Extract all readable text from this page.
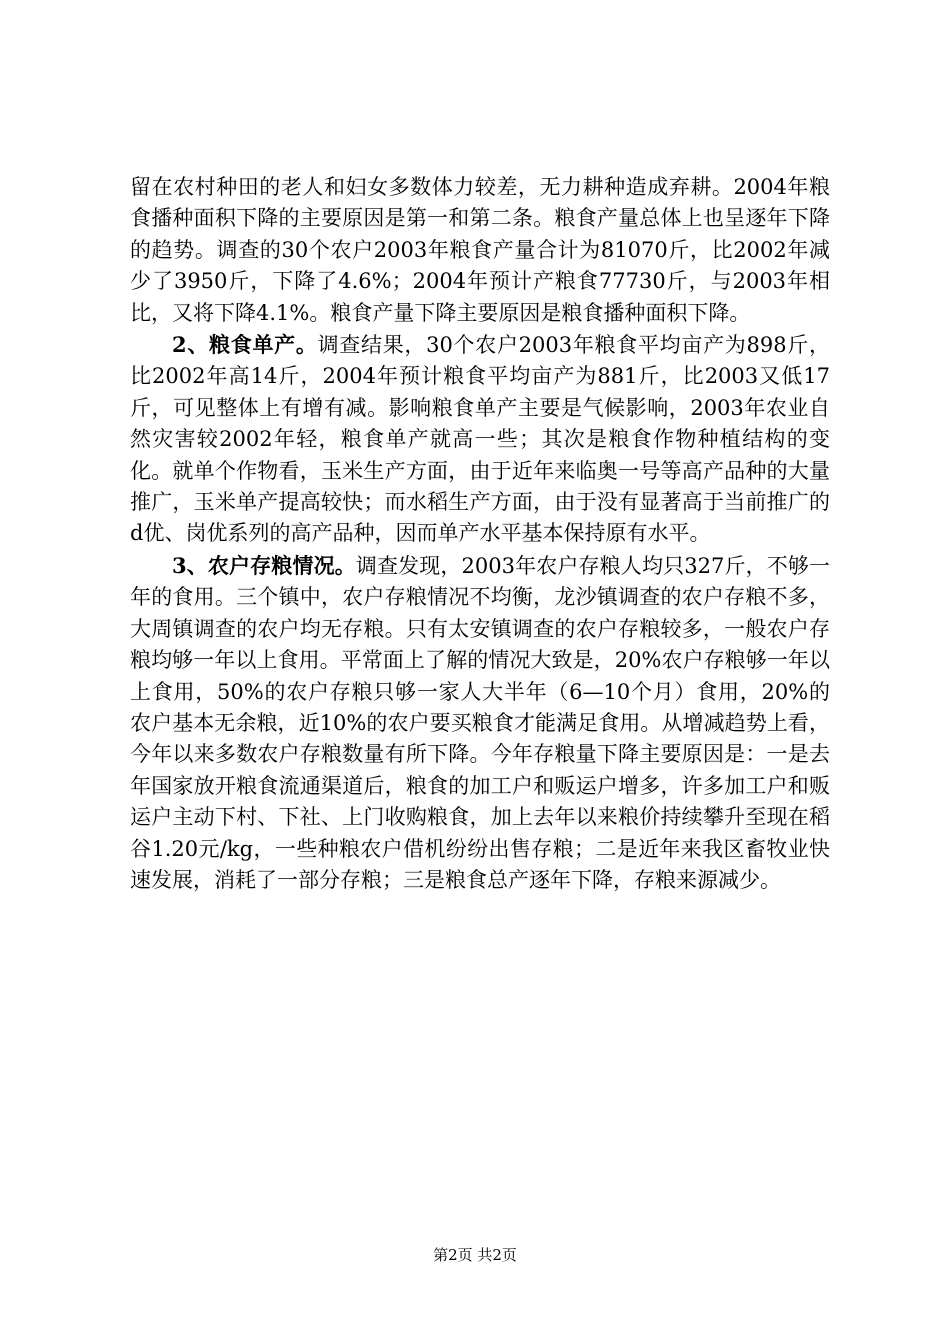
留在农村种田的老人和妇女多数体力较差，无力耕种造成弃耕。2004年粮食播种面积下降的主要原因是第一和第二条。粮食产量总体上也呈逐年下降的趋势。调查的30个农户2003年粮食产量合计为81070斤，比2002年减少了3950斤，下降了4.6%；2004年预计产粮食77730斤，与2003年相比，又将下降4.1%。粮食产量下降主要原因是粮食播种面积下降。

2、粮食单产。调查结果，30个农户2003年粮食平均亩产为898斤，比2002年高14斤，2004年预计粮食平均亩产为881斤，比2003又低17斤，可见整体上有增有减。影响粮食单产主要是气候影响，2003年农业自然灾害较2002年轻，粮食单产就高一些；其次是粮食作物种植结构的变化。就单个作物看，玉米生产方面，由于近年来临奥一号等高产品种的大量推广，玉米单产提高较快；而水稻生产方面，由于没有显著高于当前推广的d优、岗优系列的高产品种，因而单产水平基本保持原有水平。

3、农户存粮情况。调查发现，2003年农户存粮人均只327斤，不够一年的食用。三个镇中，农户存粮情况不均衡，龙沙镇调查的农户存粮不多，大周镇调查的农户均无存粮。只有太安镇调查的农户存粮较多，一般农户存粮均够一年以上食用。平常面上了解的情况大致是，20%农户存粮够一年以上食用，50%的农户存粮只够一家人大半年（6—10个月）食用，20%的农户基本无余粮，近10%的农户要买粮食才能满足食用。从增减趋势上看，今年以来多数农户存粮数量有所下降。今年存粮量下降主要原因是：一是去年国家放开粮食流通渠道后，粮食的加工户和贩运户增多，许多加工户和贩运户主动下村、下社、上门收购粮食，加上去年以来粮价持续攀升至现在稻谷1.20元/kg，一些种粮农户借机纷纷出售存粮；二是近年来我区畜牧业快速发展，消耗了一部分存粮；三是粮食总产逐年下降，存粮来源减少。

第2页 共2页
